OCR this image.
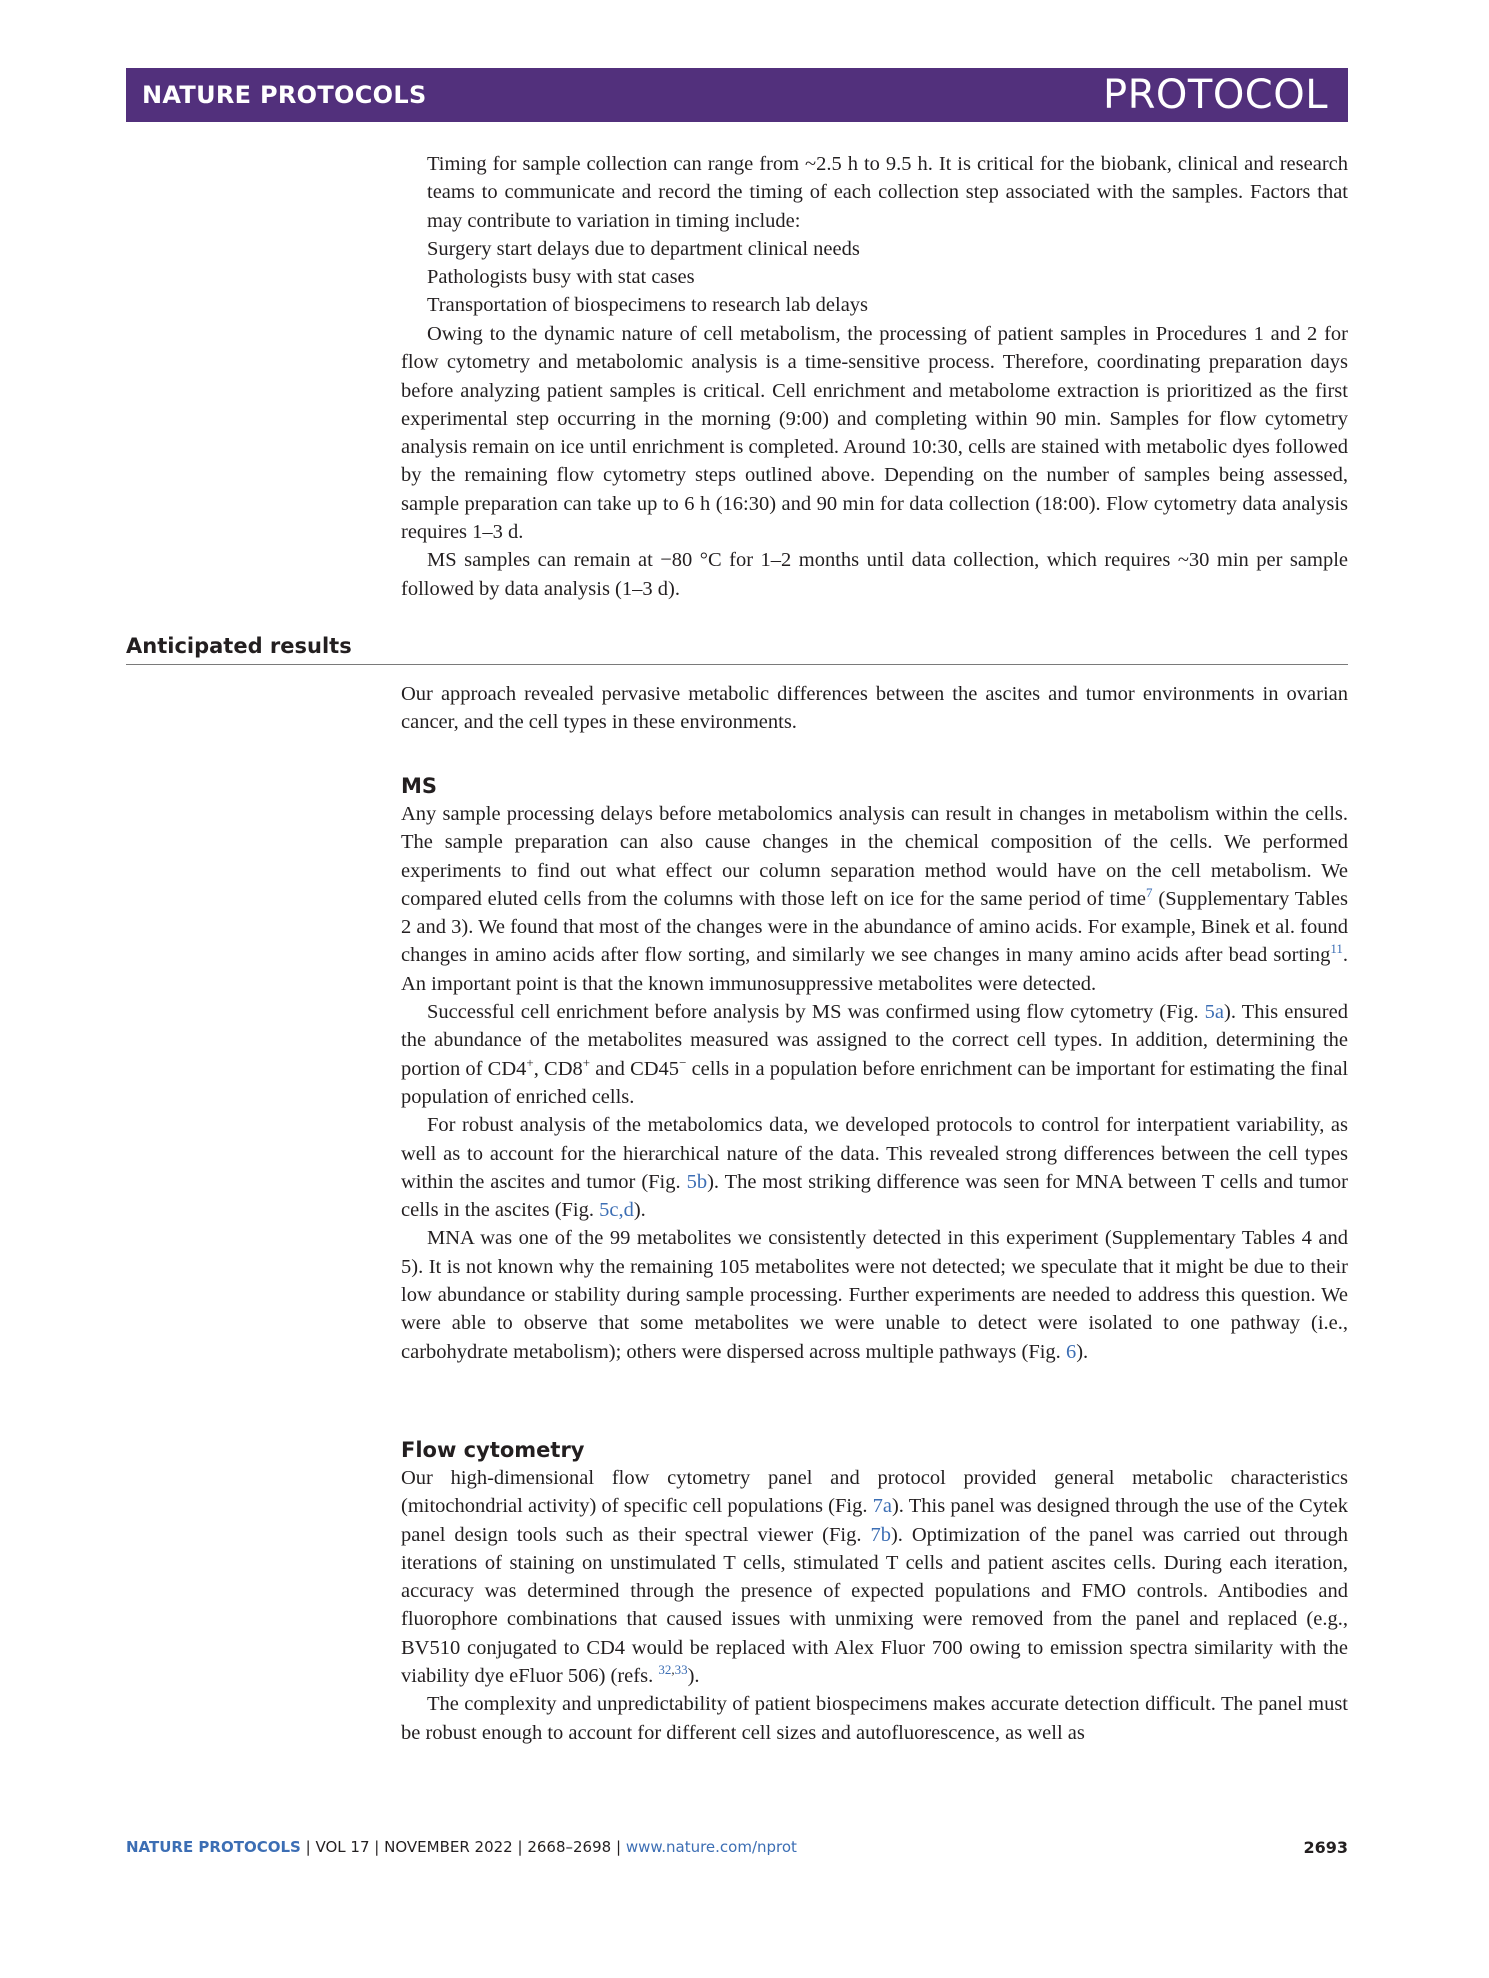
NATURE PROTOCOLS	PROTOCOL

Timing for sample collection can range from ~2.5 h to 9.5 h. It is critical for the biobank, clinical and research teams to communicate and record the timing of each collection step associated with the samples. Factors that may contribute to variation in timing include:

Surgery start delays due to department clinical needs

Pathologists busy with stat cases

Transportation of biospecimens to research lab delays

Owing to the dynamic nature of cell metabolism, the processing of patient samples in Procedures 1 and 2 for flow cytometry and metabolomic analysis is a time-sensitive process. Therefore, coordinating preparation days before analyzing patient samples is critical. Cell enrichment and metabolome extraction is prioritized as the first experimental step occurring in the morning (9:00) and completing within 90 min. Samples for flow cytometry analysis remain on ice until enrichment is completed. Around 10:30, cells are stained with metabolic dyes followed by the remaining flow cytometry steps outlined above. Depending on the number of samples being assessed, sample preparation can take up to 6 h (16:30) and 90 min for data collection (18:00). Flow cytometry data analysis requires 1–3 d.

MS samples can remain at −80 °C for 1–2 months until data collection, which requires ~30 min per sample followed by data analysis (1–3 d).

Anticipated results

Our approach revealed pervasive metabolic differences between the ascites and tumor environments in ovarian cancer, and the cell types in these environments.

MS

Any sample processing delays before metabolomics analysis can result in changes in metabolism within the cells. The sample preparation can also cause changes in the chemical composition of the cells. We performed experiments to find out what effect our column separation method would have on the cell metabolism. We compared eluted cells from the columns with those left on ice for the same period of time$^7$ (Supplementary Tables 2 and 3). We found that most of the changes were in the abundance of amino acids. For example, Binek et al. found changes in amino acids after flow sorting, and similarly we see changes in many amino acids after bead sorting$^{11}$. An important point is that the known immunosuppressive metabolites were detected.

Successful cell enrichment before analysis by MS was confirmed using flow cytometry (Fig. 5a). This ensured the abundance of the metabolites measured was assigned to the correct cell types. In addition, determining the portion of CD4+, CD8+ and CD45− cells in a population before enrichment can be important for estimating the final population of enriched cells.

For robust analysis of the metabolomics data, we developed protocols to control for interpatient variability, as well as to account for the hierarchical nature of the data. This revealed strong differences between the cell types within the ascites and tumor (Fig. 5b). The most striking difference was seen for MNA between T cells and tumor cells in the ascites (Fig. 5c,d).

MNA was one of the 99 metabolites we consistently detected in this experiment (Supplementary Tables 4 and 5). It is not known why the remaining 105 metabolites were not detected; we speculate that it might be due to their low abundance or stability during sample processing. Further experiments are needed to address this question. We were able to observe that some metabolites we were unable to detect were isolated to one pathway (i.e., carbohydrate metabolism); others were dispersed across multiple pathways (Fig. 6).

Flow cytometry

Our high-dimensional flow cytometry panel and protocol provided general metabolic characteristics (mitochondrial activity) of specific cell populations (Fig. 7a). This panel was designed through the use of the Cytek panel design tools such as their spectral viewer (Fig. 7b). Optimization of the panel was carried out through iterations of staining on unstimulated T cells, stimulated T cells and patient ascites cells. During each iteration, accuracy was determined through the presence of expected populations and FMO controls. Antibodies and fluorophore combinations that caused issues with unmixing were removed from the panel and replaced (e.g., BV510 conjugated to CD4 would be replaced with Alex Fluor 700 owing to emission spectra similarity with the viability dye eFluor 506) (refs. $^{32,33}$).

The complexity and unpredictability of patient biospecimens makes accurate detection difficult. The panel must be robust enough to account for different cell sizes and autofluorescence, as well as

NATURE PROTOCOLS | VOL 17 | NOVEMBER 2022 | 2668–2698 | www.nature.com/nprot	2693
